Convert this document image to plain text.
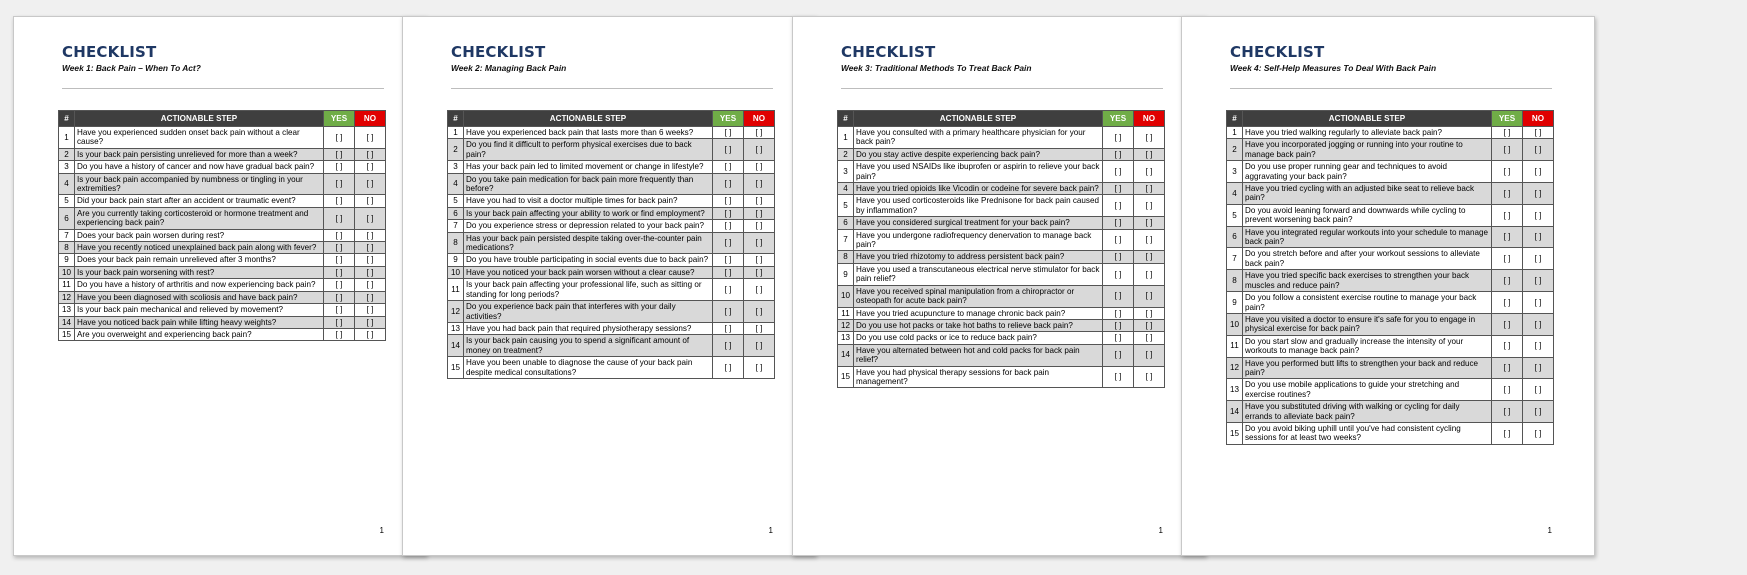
CHECKLIST
Week 1: Back Pain – When To Act?
#	ACTIONABLE STEP	YES	NO
1	Have you experienced sudden onset back pain without a clear cause?	[ ]	[ ]
2	Is your back pain persisting unrelieved for more than a week?	[ ]	[ ]
3	Do you have a history of cancer and now have gradual back pain?	[ ]	[ ]
4	Is your back pain accompanied by numbness or tingling in your extremities?	[ ]	[ ]
5	Did your back pain start after an accident or traumatic event?	[ ]	[ ]
6	Are you currently taking corticosteroid or hormone treatment and experiencing back pain?	[ ]	[ ]
7	Does your back pain worsen during rest?	[ ]	[ ]
8	Have you recently noticed unexplained back pain along with fever?	[ ]	[ ]
9	Does your back pain remain unrelieved after 3 months?	[ ]	[ ]
10	Is your back pain worsening with rest?	[ ]	[ ]
11	Do you have a history of arthritis and now experiencing back pain?	[ ]	[ ]
12	Have you been diagnosed with scoliosis and have back pain?	[ ]	[ ]
13	Is your back pain mechanical and relieved by movement?	[ ]	[ ]
14	Have you noticed back pain while lifting heavy weights?	[ ]	[ ]
15	Are you overweight and experiencing back pain?	[ ]	[ ]
1
CHECKLIST
Week 2: Managing Back Pain
#	ACTIONABLE STEP	YES	NO
1	Have you experienced back pain that lasts more than 6 weeks?	[ ]	[ ]
2	Do you find it difficult to perform physical exercises due to back pain?	[ ]	[ ]
3	Has your back pain led to limited movement or change in lifestyle?	[ ]	[ ]
4	Do you take pain medication for back pain more frequently than before?	[ ]	[ ]
5	Have you had to visit a doctor multiple times for back pain?	[ ]	[ ]
6	Is your back pain affecting your ability to work or find employment?	[ ]	[ ]
7	Do you experience stress or depression related to your back pain?	[ ]	[ ]
8	Has your back pain persisted despite taking over-the-counter pain medications?	[ ]	[ ]
9	Do you have trouble participating in social events due to back pain?	[ ]	[ ]
10	Have you noticed your back pain worsen without a clear cause?	[ ]	[ ]
11	Is your back pain affecting your professional life, such as sitting or standing for long periods?	[ ]	[ ]
12	Do you experience back pain that interferes with your daily activities?	[ ]	[ ]
13	Have you had back pain that required physiotherapy sessions?	[ ]	[ ]
14	Is your back pain causing you to spend a significant amount of money on treatment?	[ ]	[ ]
15	Have you been unable to diagnose the cause of your back pain despite medical consultations?	[ ]	[ ]
1
CHECKLIST
Week 3: Traditional Methods To Treat Back Pain
#	ACTIONABLE STEP	YES	NO
1	Have you consulted with a primary healthcare physician for your back pain?	[ ]	[ ]
2	Do you stay active despite experiencing back pain?	[ ]	[ ]
3	Have you used NSAIDs like ibuprofen or aspirin to relieve your back pain?	[ ]	[ ]
4	Have you tried opioids like Vicodin or codeine for severe back pain?	[ ]	[ ]
5	Have you used corticosteroids like Prednisone for back pain caused by inflammation?	[ ]	[ ]
6	Have you considered surgical treatment for your back pain?	[ ]	[ ]
7	Have you undergone radiofrequency denervation to manage back pain?	[ ]	[ ]
8	Have you tried rhizotomy to address persistent back pain?	[ ]	[ ]
9	Have you used a transcutaneous electrical nerve stimulator for back pain relief?	[ ]	[ ]
10	Have you received spinal manipulation from a chiropractor or osteopath for acute back pain?	[ ]	[ ]
11	Have you tried acupuncture to manage chronic back pain?	[ ]	[ ]
12	Do you use hot packs or take hot baths to relieve back pain?	[ ]	[ ]
13	Do you use cold packs or ice to reduce back pain?	[ ]	[ ]
14	Have you alternated between hot and cold packs for back pain relief?	[ ]	[ ]
15	Have you had physical therapy sessions for back pain management?	[ ]	[ ]
1
CHECKLIST
Week 4: Self-Help Measures To Deal With Back Pain
#	ACTIONABLE STEP	YES	NO
1	Have you tried walking regularly to alleviate back pain?	[ ]	[ ]
2	Have you incorporated jogging or running into your routine to manage back pain?	[ ]	[ ]
3	Do you use proper running gear and techniques to avoid aggravating your back pain?	[ ]	[ ]
4	Have you tried cycling with an adjusted bike seat to relieve back pain?	[ ]	[ ]
5	Do you avoid leaning forward and downwards while cycling to prevent worsening back pain?	[ ]	[ ]
6	Have you integrated regular workouts into your schedule to manage back pain?	[ ]	[ ]
7	Do you stretch before and after your workout sessions to alleviate back pain?	[ ]	[ ]
8	Have you tried specific back exercises to strengthen your back muscles and reduce pain?	[ ]	[ ]
9	Do you follow a consistent exercise routine to manage your back pain?	[ ]	[ ]
10	Have you visited a doctor to ensure it's safe for you to engage in physical exercise for back pain?	[ ]	[ ]
11	Do you start slow and gradually increase the intensity of your workouts to manage back pain?	[ ]	[ ]
12	Have you performed butt lifts to strengthen your back and reduce pain?	[ ]	[ ]
13	Do you use mobile applications to guide your stretching and exercise routines?	[ ]	[ ]
14	Have you substituted driving with walking or cycling for daily errands to alleviate back pain?	[ ]	[ ]
15	Do you avoid biking uphill until you've had consistent cycling sessions for at least two weeks?	[ ]	[ ]
1
